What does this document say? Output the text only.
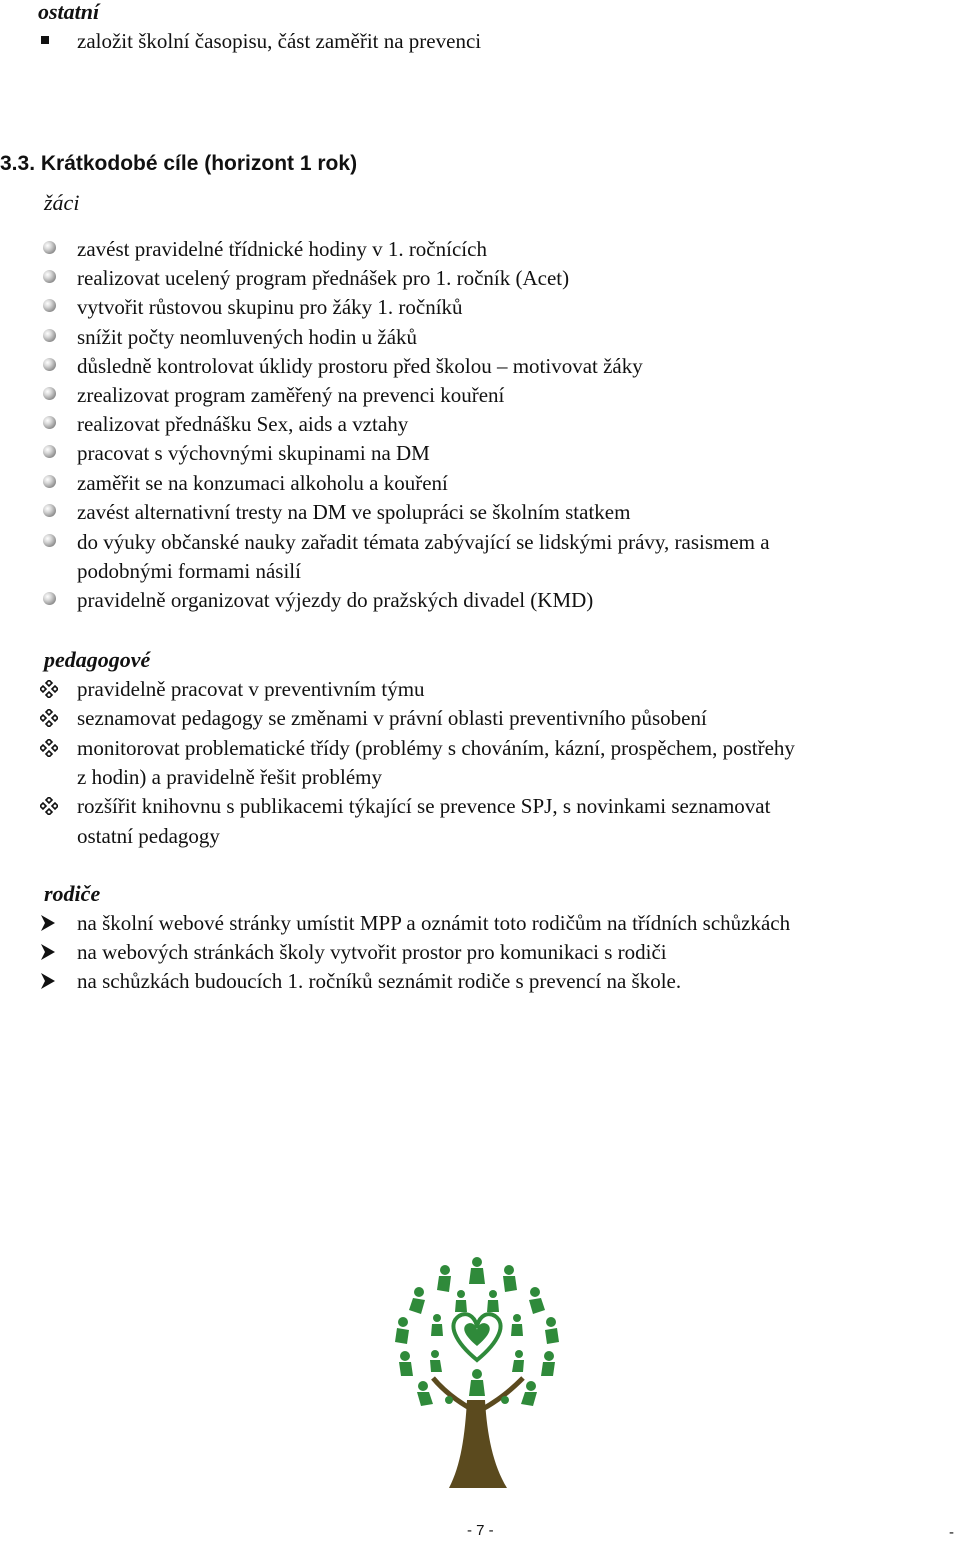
ostatní
založit školní časopisu, část zaměřit na prevenci
3.3. Krátkodobé cíle (horizont 1 rok)
žáci
zavést pravidelné třídnické hodiny v 1. ročnících
realizovat ucelený program přednášek pro 1. ročník (Acet)
vytvořit růstovou skupinu pro žáky 1. ročníků
snížit počty neomluvených hodin u žáků
důsledně kontrolovat úklidy prostoru před školou – motivovat žáky
zrealizovat program zaměřený na prevenci kouření
realizovat přednášku Sex, aids a vztahy
pracovat s výchovnými skupinami na DM
zaměřit se na konzumaci alkoholu a kouření
zavést alternativní tresty na DM ve spolupráci se školním statkem
do výuky občanské nauky zařadit témata zabývající se lidskými právy, rasismem a
podobnými formami násilí
pravidelně organizovat výjezdy do pražských divadel (KMD)
pedagogové
pravidelně pracovat v preventivním týmu
seznamovat pedagogy se změnami v právní oblasti preventivního působení
monitorovat problematické třídy (problémy s chováním, kázní, prospěchem, postřehy
z hodin) a pravidelně řešit problémy
rozšířit knihovnu s publikacemi týkající se prevence SPJ, s novinkami seznamovat
ostatní pedagogy
rodiče
na školní webové stránky umístit MPP a oznámit toto rodičům na třídních schůzkách
na webových stránkách školy vytvořit prostor pro komunikaci s rodiči
na schůzkách budoucích 1. ročníků seznámit rodiče s prevencí na škole.
- 7 -	-
